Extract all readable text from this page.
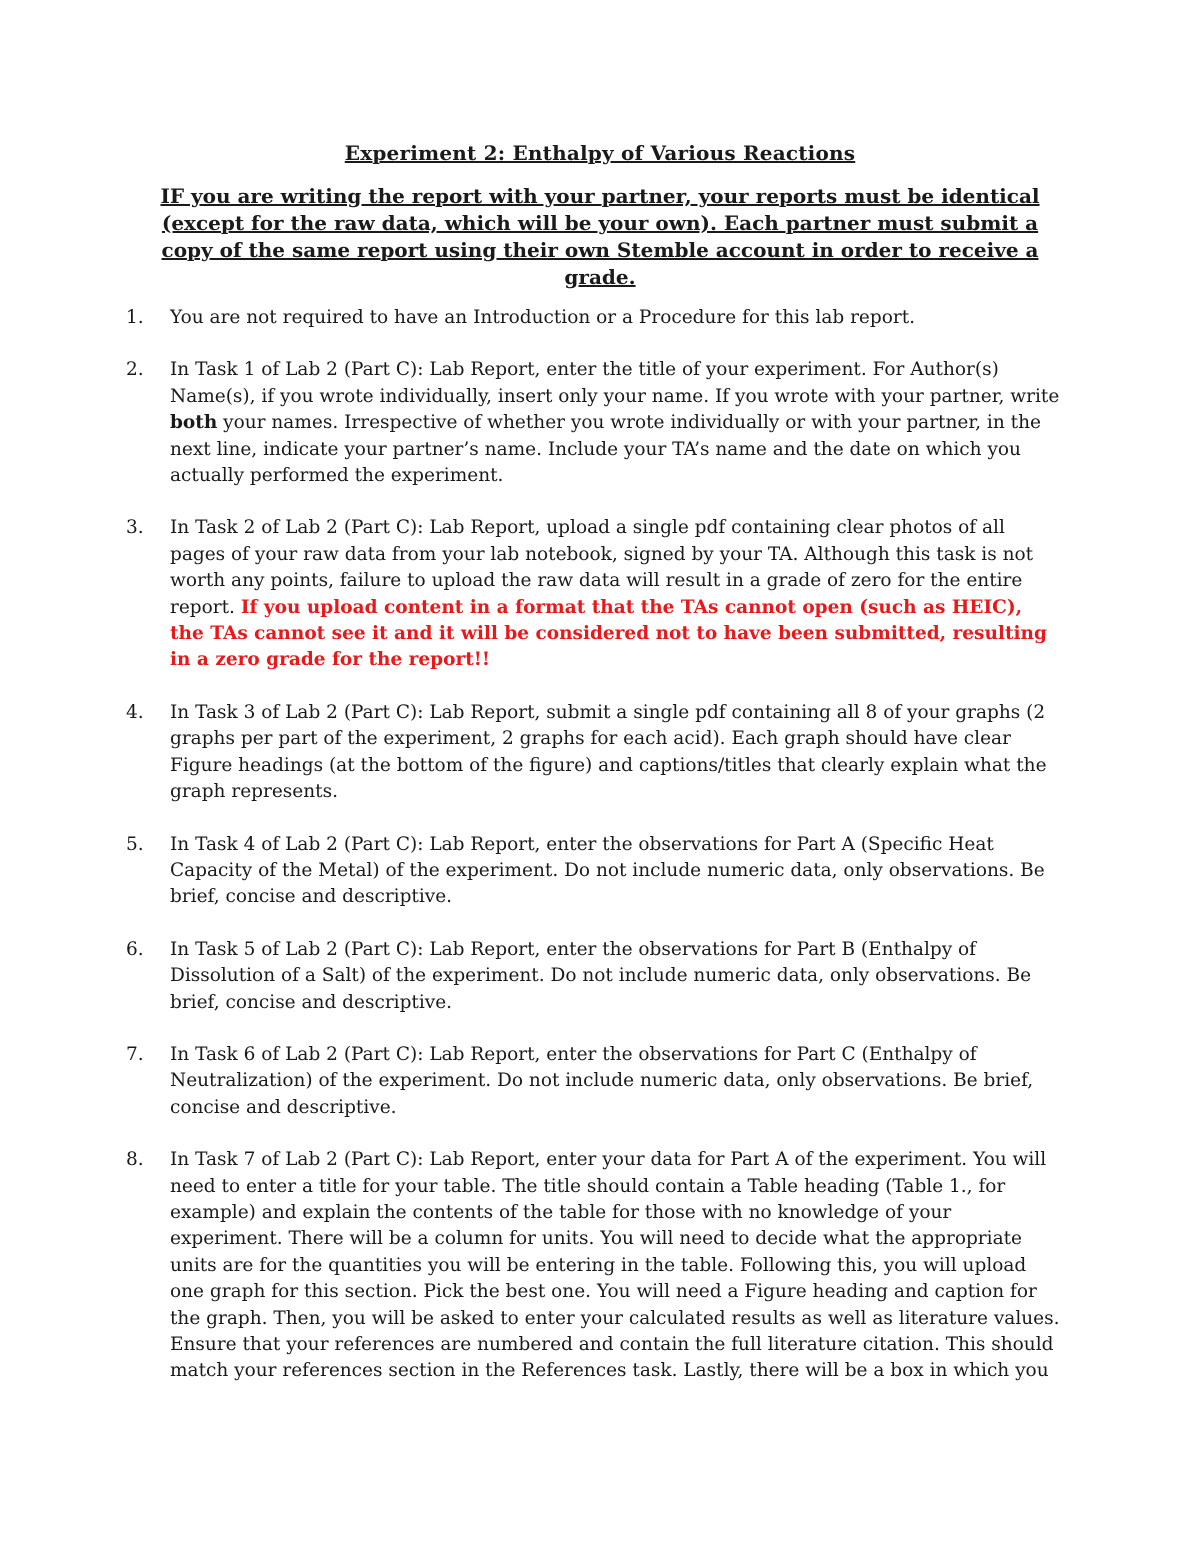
Experiment 2: Enthalpy of Various Reactions

IF you are writing the report with your partner, your reports must be identical (except for the raw data, which will be your own). Each partner must submit a copy of the same report using their own Stemble account in order to receive a grade.

1. You are not required to have an Introduction or a Procedure for this lab report.
2. In Task 1 of Lab 2 (Part C): Lab Report, enter the title of your experiment. For Author(s) Name(s), if you wrote individually, insert only your name. If you wrote with your partner, write both your names. Irrespective of whether you wrote individually or with your partner, in the next line, indicate your partner’s name. Include your TA’s name and the date on which you actually performed the experiment.
3. In Task 2 of Lab 2 (Part C): Lab Report, upload a single pdf containing clear photos of all pages of your raw data from your lab notebook, signed by your TA. Although this task is not worth any points, failure to upload the raw data will result in a grade of zero for the entire report. If you upload content in a format that the TAs cannot open (such as HEIC), the TAs cannot see it and it will be considered not to have been submitted, resulting in a zero grade for the report!!
4. In Task 3 of Lab 2 (Part C): Lab Report, submit a single pdf containing all 8 of your graphs (2 graphs per part of the experiment, 2 graphs for each acid). Each graph should have clear Figure headings (at the bottom of the figure) and captions/titles that clearly explain what the graph represents.
5. In Task 4 of Lab 2 (Part C): Lab Report, enter the observations for Part A (Specific Heat Capacity of the Metal) of the experiment. Do not include numeric data, only observations. Be brief, concise and descriptive.
6. In Task 5 of Lab 2 (Part C): Lab Report, enter the observations for Part B (Enthalpy of Dissolution of a Salt) of the experiment. Do not include numeric data, only observations. Be brief, concise and descriptive.
7. In Task 6 of Lab 2 (Part C): Lab Report, enter the observations for Part C (Enthalpy of Neutralization) of the experiment. Do not include numeric data, only observations. Be brief, concise and descriptive.
8. In Task 7 of Lab 2 (Part C): Lab Report, enter your data for Part A of the experiment. You will need to enter a title for your table. The title should contain a Table heading (Table 1., for example) and explain the contents of the table for those with no knowledge of your experiment. There will be a column for units. You will need to decide what the appropriate units are for the quantities you will be entering in the table. Following this, you will upload one graph for this section. Pick the best one. You will need a Figure heading and caption for the graph. Then, you will be asked to enter your calculated results as well as literature values. Ensure that your references are numbered and contain the full literature citation. This should match your references section in the References task. Lastly, there will be a box in which you
